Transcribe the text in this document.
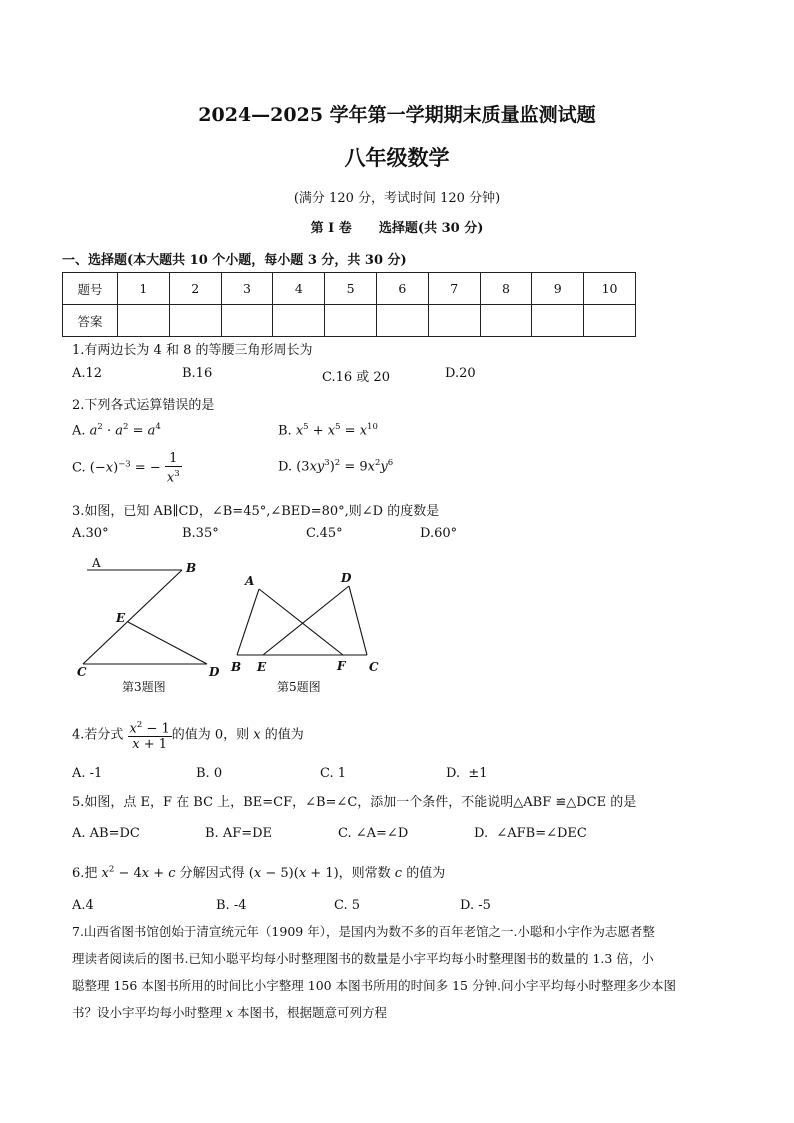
2024—2025 学年第一学期期末质量监测试题
八年级数学
(满分 120 分，考试时间 120 分钟)
第 Ⅰ 卷      选择题(共 30 分)
一、选择题(本大题共 10 个小题，每小题 3 分，共 30 分)
题号	1	2	3	4	5	6	7	8	9	10
答案										
1.有两边长为 4 和 8 的等腰三角形周长为
A.12	B.16	C.16 或 20	D.20
2.下列各式运算错误的是
A. $a^2 \cdot a^2 = a^4$	B. $x^5 + x^5 = x^{10}$
C. $(-x)^{-3}$ = − $\frac{1}{x^3}$	D. $(3xy^3)^2 = 9x^2y^6$
3.如图，已知 AB∥CD，∠B=45°,∠BED=80°,则∠D 的度数是
A.30°	B.35°	C.45°	D.60°
A	B
E
C	D
第3题图
A	D
B E	F C
第5题图
4.若分式 $\frac{x^2 - 1}{x + 1}$ 的值为 0，则 x 的值为
A. -1	B. 0	C. 1	D.  ±1
5.如图，点 E，F 在 BC 上，BE=CF，∠B=∠C，添加一个条件，不能说明△ABF ≌△DCE 的是
A. AB=DC	B. AF=DE	C. ∠A=∠D	D.  ∠AFB=∠DEC
6.把 $x^2 - 4x + c$ 分解因式得 (x − 5)(x + 1)，则常数 c 的值为
A.4	B. -4	C. 5	D. -5
7.山西省图书馆创始于清宣统元年（1909 年），是国内为数不多的百年老馆之一.小聪和小宇作为志愿者整
理读者阅读后的图书.已知小聪平均每小时整理图书的数量是小宇平均每小时整理图书的数量的 1.3 倍，小
聪整理 156 本图书所用的时间比小宇整理 100 本图书所用的时间多 15 分钟.问小宇平均每小时整理多少本图
书？设小宇平均每小时整理 x 本图书，根据题意可列方程
